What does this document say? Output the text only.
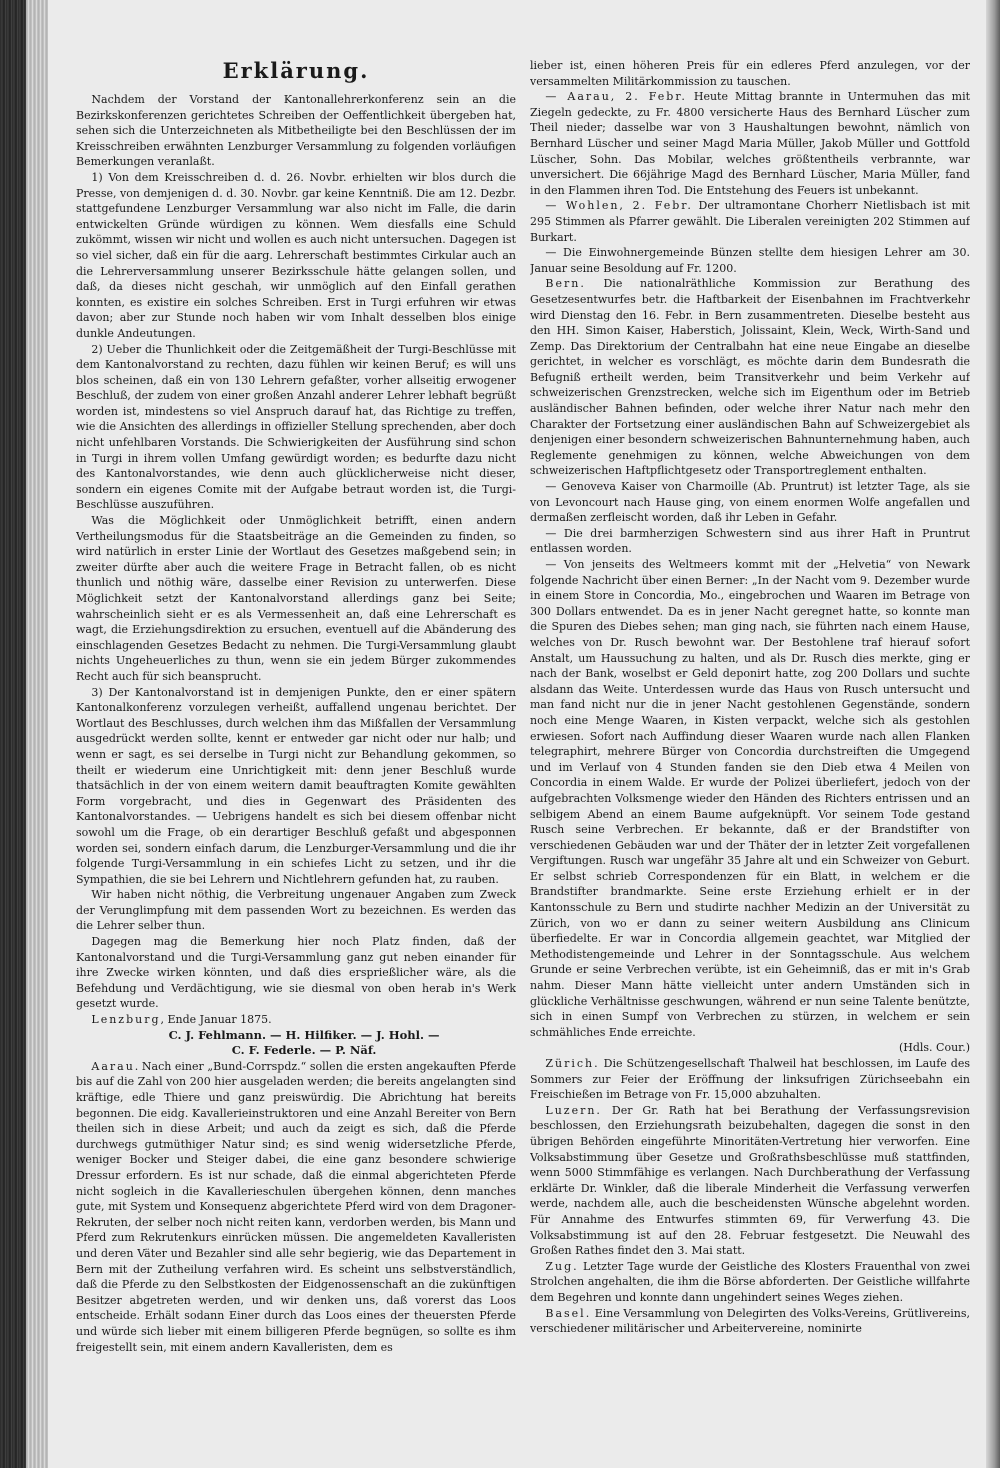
Erklärung.

Nachdem der Vorstand der Kantonallehrerkonferenz sein an die Bezirkskonferenzen gerichtetes Schreiben der Oeffentlichkeit übergeben hat, sehen sich die Unterzeichneten als Mitbetheiligte bei den Beschlüssen der im Kreisschreiben erwähnten Lenzburger Versammlung zu folgenden vorläufigen Bemerkungen veranlaßt.

1) Von dem Kreisschreiben d. d. 26. Novbr. erhielten wir blos durch die Presse, von demjenigen d. d. 30. Novbr. gar keine Kenntniß. Die am 12. Dezbr. stattgefundene Lenzburger Versammlung war also nicht im Falle, die darin entwickelten Gründe würdigen zu können. Wem diesfalls eine Schuld zukömmt, wissen wir nicht und wollen es auch nicht untersuchen. Dagegen ist so viel sicher, daß ein für die aarg. Lehrerschaft bestimmtes Cirkular auch an die Lehrerversammlung unserer Bezirksschule hätte gelangen sollen, und daß, da dieses nicht geschah, wir unmöglich auf den Einfall gerathen konnten, es existire ein solches Schreiben. Erst in Turgi erfuhren wir etwas davon; aber zur Stunde noch haben wir vom Inhalt desselben blos einige dunkle Andeutungen.

2) Ueber die Thunlichkeit oder die Zeitgemäßheit der Turgi-Beschlüsse mit dem Kantonalvorstand zu rechten, dazu fühlen wir keinen Beruf; es will uns blos scheinen, daß ein von 130 Lehrern gefaßter, vorher allseitig erwogener Beschluß, der zudem von einer großen Anzahl anderer Lehrer lebhaft begrüßt worden ist, mindestens so viel Anspruch darauf hat, das Richtige zu treffen, wie die Ansichten des allerdings in offizieller Stellung sprechenden, aber doch nicht unfehlbaren Vorstands. Die Schwierigkeiten der Ausführung sind schon in Turgi in ihrem vollen Umfang gewürdigt worden; es bedurfte dazu nicht des Kantonalvorstandes, wie denn auch glücklicherweise nicht dieser, sondern ein eigenes Comite mit der Aufgabe betraut worden ist, die Turgi-Beschlüsse auszuführen.

Was die Möglichkeit oder Unmöglichkeit betrifft, einen andern Vertheilungsmodus für die Staatsbeiträge an die Gemeinden zu finden, so wird natürlich in erster Linie der Wortlaut des Gesetzes maßgebend sein; in zweiter dürfte aber auch die weitere Frage in Betracht fallen, ob es nicht thunlich und nöthig wäre, dasselbe einer Revision zu unterwerfen. Diese Möglichkeit setzt der Kantonalvorstand allerdings ganz bei Seite; wahrscheinlich sieht er es als Vermessenheit an, daß eine Lehrerschaft es wagt, die Erziehungsdirektion zu ersuchen, eventuell auf die Abänderung des einschlagenden Gesetzes Bedacht zu nehmen. Die Turgi-Versammlung glaubt nichts Ungeheuerliches zu thun, wenn sie ein jedem Bürger zukommendes Recht auch für sich beansprucht.

3) Der Kantonalvorstand ist in demjenigen Punkte, den er einer spätern Kantonalkonferenz vorzulegen verheißt, auffallend ungenau berichtet. Der Wortlaut des Beschlusses, durch welchen ihm das Mißfallen der Versammlung ausgedrückt werden sollte, kennt er entweder gar nicht oder nur halb; und wenn er sagt, es sei derselbe in Turgi nicht zur Behandlung gekommen, so theilt er wiederum eine Unrichtigkeit mit: denn jener Beschluß wurde thatsächlich in der von einem weitern damit beauftragten Komite gewählten Form vorgebracht, und dies in Gegenwart des Präsidenten des Kantonalvorstandes. — Uebrigens handelt es sich bei diesem offenbar nicht sowohl um die Frage, ob ein derartiger Beschluß gefaßt und abgesponnen worden sei, sondern einfach darum, die Lenzburger-Versammlung und die ihr folgende Turgi-Versammlung in ein schiefes Licht zu setzen, und ihr die Sympathien, die sie bei Lehrern und Nichtlehrern gefunden hat, zu rauben.

Wir haben nicht nöthig, die Verbreitung ungenauer Angaben zum Zweck der Verunglimpfung mit dem passenden Wort zu bezeichnen. Es werden das die Lehrer selber thun.

Dagegen mag die Bemerkung hier noch Platz finden, daß der Kantonalvorstand und die Turgi-Versammlung ganz gut neben einander für ihre Zwecke wirken könnten, und daß dies ersprießlicher wäre, als die Befehdung und Verdächtigung, wie sie diesmal von oben herab in's Werk gesetzt wurde.

Lenzburg, Ende Januar 1875.

C. J. Fehlmann. — H. Hilfiker. — J. Hohl. —

C. F. Federle. — P. Näf.

Aarau. Nach einer „Bund-Corrspdz.“ sollen die ersten angekauften Pferde bis auf die Zahl von 200 hier ausgeladen werden; die bereits angelangten sind kräftige, edle Thiere und ganz preiswürdig. Die Abrichtung hat bereits begonnen. Die eidg. Kavallerieinstruktoren und eine Anzahl Bereiter von Bern theilen sich in diese Arbeit; und auch da zeigt es sich, daß die Pferde durchwegs gutmüthiger Natur sind; es sind wenig widersetzliche Pferde, weniger Bocker und Steiger dabei, die eine ganz besondere schwierige Dressur erfordern. Es ist nur schade, daß die einmal abgerichteten Pferde nicht sogleich in die Kavallerieschulen übergehen können, denn manches gute, mit System und Konsequenz abgerichtete Pferd wird von dem Dragoner-Rekruten, der selber noch nicht reiten kann, verdorben werden, bis Mann und Pferd zum Rekrutenkurs einrücken müssen. Die angemeldeten Kavalleristen und deren Väter und Bezahler sind alle sehr begierig, wie das Departement in Bern mit der Zutheilung verfahren wird. Es scheint uns selbstverständlich, daß die Pferde zu den Selbstkosten der Eidgenossenschaft an die zukünftigen Besitzer abgetreten werden, und wir denken uns, daß vorerst das Loos entscheide. Erhält sodann Einer durch das Loos eines der theuersten Pferde und würde sich lieber mit einem billigeren Pferde begnügen, so sollte es ihm freigestellt sein, mit einem andern Kavalleristen, dem es

lieber ist, einen höheren Preis für ein edleres Pferd anzulegen, vor der versammelten Militärkommission zu tauschen.

— Aarau, 2. Febr. Heute Mittag brannte in Untermuhen das mit Ziegeln gedeckte, zu Fr. 4800 versicherte Haus des Bernhard Lüscher zum Theil nieder; dasselbe war von 3 Haushaltungen bewohnt, nämlich von Bernhard Lüscher und seiner Magd Maria Müller, Jakob Müller und Gottfold Lüscher, Sohn. Das Mobilar, welches größtentheils verbrannte, war unversichert. Die 66jährige Magd des Bernhard Lüscher, Maria Müller, fand in den Flammen ihren Tod. Die Entstehung des Feuers ist unbekannt.

— Wohlen, 2. Febr. Der ultramontane Chorherr Nietlisbach ist mit 295 Stimmen als Pfarrer gewählt. Die Liberalen vereinigten 202 Stimmen auf Burkart.

— Die Einwohnergemeinde Bünzen stellte dem hiesigen Lehrer am 30. Januar seine Besoldung auf Fr. 1200.

Bern. Die nationalräthliche Kommission zur Berathung des Gesetzesentwurfes betr. die Haftbarkeit der Eisenbahnen im Frachtverkehr wird Dienstag den 16. Febr. in Bern zusammentreten. Dieselbe besteht aus den HH. Simon Kaiser, Haberstich, Jolissaint, Klein, Weck, Wirth-Sand und Zemp. Das Direktorium der Centralbahn hat eine neue Eingabe an dieselbe gerichtet, in welcher es vorschlägt, es möchte darin dem Bundesrath die Befugniß ertheilt werden, beim Transitverkehr und beim Verkehr auf schweizerischen Grenzstrecken, welche sich im Eigenthum oder im Betrieb ausländischer Bahnen befinden, oder welche ihrer Natur nach mehr den Charakter der Fortsetzung einer ausländischen Bahn auf Schweizergebiet als denjenigen einer besondern schweizerischen Bahnunternehmung haben, auch Reglemente genehmigen zu können, welche Abweichungen von dem schweizerischen Haftpflichtgesetz oder Transportreglement enthalten.

— Genoveva Kaiser von Charmoille (Ab. Pruntrut) ist letzter Tage, als sie von Levoncourt nach Hause ging, von einem enormen Wolfe angefallen und dermaßen zerfleischt worden, daß ihr Leben in Gefahr.

— Die drei barmherzigen Schwestern sind aus ihrer Haft in Pruntrut entlassen worden.

— Von jenseits des Weltmeers kommt mit der „Helvetia“ von Newark folgende Nachricht über einen Berner: „In der Nacht vom 9. Dezember wurde in einem Store in Concordia, Mo., eingebrochen und Waaren im Betrage von 300 Dollars entwendet. Da es in jener Nacht geregnet hatte, so konnte man die Spuren des Diebes sehen; man ging nach, sie führten nach einem Hause, welches von Dr. Rusch bewohnt war. Der Bestohlene traf hierauf sofort Anstalt, um Haussuchung zu halten, und als Dr. Rusch dies merkte, ging er nach der Bank, woselbst er Geld deponirt hatte, zog 200 Dollars und suchte alsdann das Weite. Unterdessen wurde das Haus von Rusch untersucht und man fand nicht nur die in jener Nacht gestohlenen Gegenstände, sondern noch eine Menge Waaren, in Kisten verpackt, welche sich als gestohlen erwiesen. Sofort nach Auffindung dieser Waaren wurde nach allen Flanken telegraphirt, mehrere Bürger von Concordia durchstreiften die Umgegend und im Verlauf von 4 Stunden fanden sie den Dieb etwa 4 Meilen von Concordia in einem Walde. Er wurde der Polizei überliefert, jedoch von der aufgebrachten Volksmenge wieder den Händen des Richters entrissen und an selbigem Abend an einem Baume aufgeknüpft. Vor seinem Tode gestand Rusch seine Verbrechen. Er bekannte, daß er der Brandstifter von verschiedenen Gebäuden war und der Thäter der in letzter Zeit vorgefallenen Vergiftungen. Rusch war ungefähr 35 Jahre alt und ein Schweizer von Geburt. Er selbst schrieb Correspondenzen für ein Blatt, in welchem er die Brandstifter brandmarkte. Seine erste Erziehung erhielt er in der Kantonsschule zu Bern und studirte nachher Medizin an der Universität zu Zürich, von wo er dann zu seiner weitern Ausbildung ans Clinicum überfiedelte. Er war in Concordia allgemein geachtet, war Mitglied der Methodistengemeinde und Lehrer in der Sonntagsschule. Aus welchem Grunde er seine Verbrechen verübte, ist ein Geheimniß, das er mit in's Grab nahm. Dieser Mann hätte vielleicht unter andern Umständen sich in glückliche Verhältnisse geschwungen, während er nun seine Talente benützte, sich in einen Sumpf von Verbrechen zu stürzen, in welchem er sein schmähliches Ende erreichte.

(Hdls. Cour.)

Zürich. Die Schützengesellschaft Thalweil hat beschlossen, im Laufe des Sommers zur Feier der Eröffnung der linksufrigen Zürichseebahn ein Freischießen im Betrage von Fr. 15,000 abzuhalten.

Luzern. Der Gr. Rath hat bei Berathung der Verfassungsrevision beschlossen, den Erziehungsrath beizubehalten, dagegen die sonst in den übrigen Behörden eingeführte Minoritäten-Vertretung hier verworfen. Eine Volksabstimmung über Gesetze und Großrathsbeschlüsse muß stattfinden, wenn 5000 Stimmfähige es verlangen. Nach Durchberathung der Verfassung erklärte Dr. Winkler, daß die liberale Minderheit die Verfassung verwerfen werde, nachdem alle, auch die bescheidensten Wünsche abgelehnt worden. Für Annahme des Entwurfes stimmten 69, für Verwerfung 43. Die Volksabstimmung ist auf den 28. Februar festgesetzt. Die Neuwahl des Großen Rathes findet den 3. Mai statt.

Zug. Letzter Tage wurde der Geistliche des Klosters Frauenthal von zwei Strolchen angehalten, die ihm die Börse abforderten. Der Geistliche willfahrte dem Begehren und konnte dann ungehindert seines Weges ziehen.

Basel. Eine Versammlung von Delegirten des Volks-Vereins, Grütlivereins, verschiedener militärischer und Arbeitervereine, nominirte
